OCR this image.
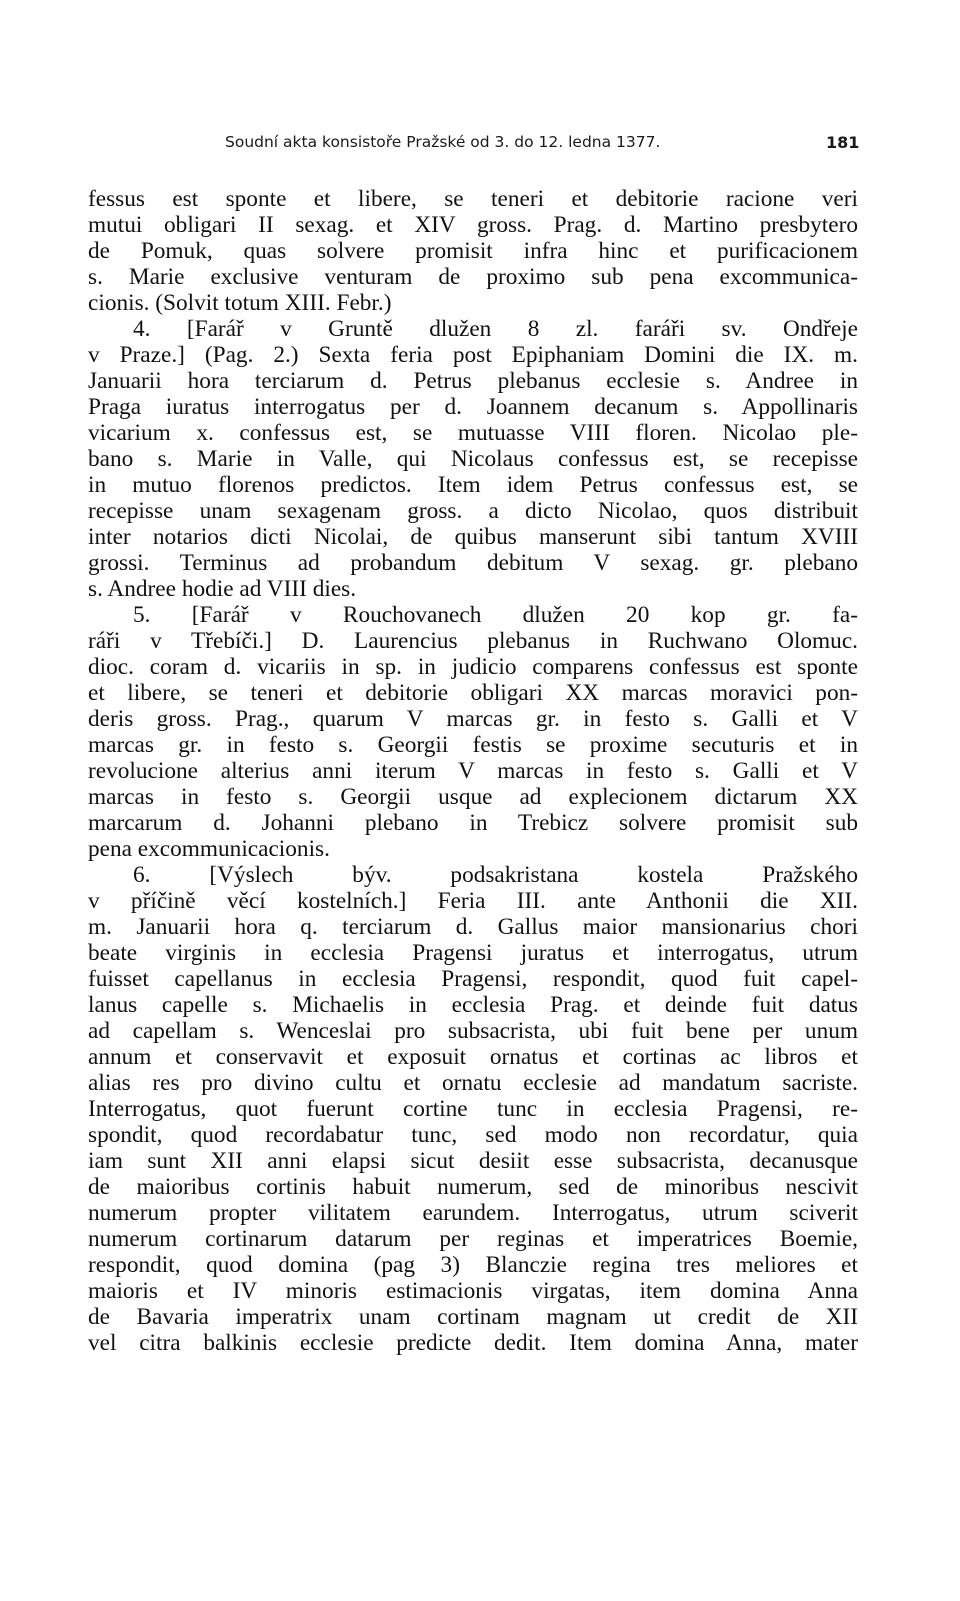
Soudní akta konsistoře Pražské od 3. do 12. ledna 1377.	181
fessus est sponte et libere, se teneri et debitorie racione veri
mutui obligari II sexag. et XIV gross. Prag. d. Martino presbytero
de Pomuk, quas solvere promisit infra hinc et purificacionem
s. Marie exclusive venturam de proximo sub pena excommunica-
cionis. (Solvit totum XIII. Febr.)
4. [Farář v Gruntě dlužen 8 zl. faráři sv. Ondřeje
v Praze.] (Pag. 2.) Sexta feria post Epiphaniam Domini die IX. m.
Januarii hora terciarum d. Petrus plebanus ecclesie s. Andree in
Praga iuratus interrogatus per d. Joannem decanum s. Appollinaris
vicarium x. confessus est, se mutuasse VIII floren. Nicolao ple-
bano s. Marie in Valle, qui Nicolaus confessus est, se recepisse
in mutuo florenos predictos. Item idem Petrus confessus est, se
recepisse unam sexagenam gross. a dicto Nicolao, quos distribuit
inter notarios dicti Nicolai, de quibus manserunt sibi tantum XVIII
grossi. Terminus ad probandum debitum V sexag. gr. plebano
s. Andree hodie ad VIII dies.
5. [Farář v Rouchovanech dlužen 20 kop gr. fa-
ráři v Třebíči.] D. Laurencius plebanus in Ruchwano Olomuc.
dioc. coram d. vicariis in sp. in judicio comparens confessus est sponte
et libere, se teneri et debitorie obligari XX marcas moravici pon-
deris gross. Prag., quarum V marcas gr. in festo s. Galli et V
marcas gr. in festo s. Georgii festis se proxime secuturis et in
revolucione alterius anni iterum V marcas in festo s. Galli et V
marcas in festo s. Georgii usque ad explecionem dictarum XX
marcarum d. Johanni plebano in Trebicz solvere promisit sub
pena excommunicacionis.
6. [Výslech býv. podsakristana kostela Pražského
v příčině věcí kostelních.] Feria III. ante Anthonii die XII.
m. Januarii hora q. terciarum d. Gallus maior mansionarius chori
beate virginis in ecclesia Pragensi juratus et interrogatus, utrum
fuisset capellanus in ecclesia Pragensi, respondit, quod fuit capel-
lanus capelle s. Michaelis in ecclesia Prag. et deinde fuit datus
ad capellam s. Wenceslai pro subsacrista, ubi fuit bene per unum
annum et conservavit et exposuit ornatus et cortinas ac libros et
alias res pro divino cultu et ornatu ecclesie ad mandatum sacriste.
Interrogatus, quot fuerunt cortine tunc in ecclesia Pragensi, re-
spondit, quod recordabatur tunc, sed modo non recordatur, quia
iam sunt XII anni elapsi sicut desiit esse subsacrista, decanusque
de maioribus cortinis habuit numerum, sed de minoribus nescivit
numerum propter vilitatem earundem. Interrogatus, utrum sciverit
numerum cortinarum datarum per reginas et imperatrices Boemie,
respondit, quod domina (pag 3) Blanczie regina tres meliores et
maioris et IV minoris estimacionis virgatas, item domina Anna
de Bavaria imperatrix unam cortinam magnam ut credit de XII
vel citra balkinis ecclesie predicte dedit. Item domina Anna, mater
